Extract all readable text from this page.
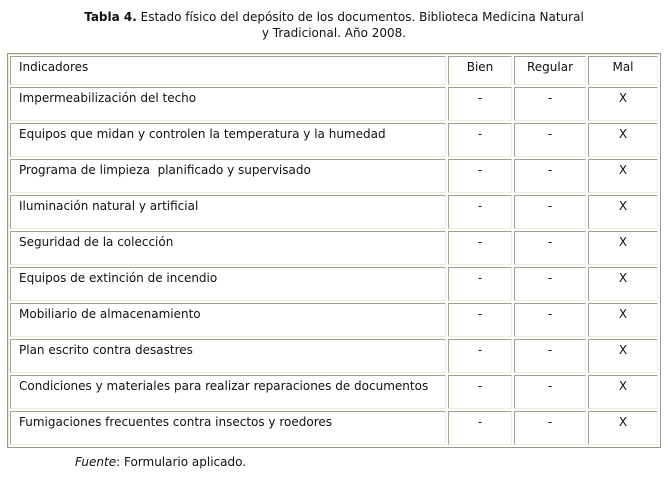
Tabla 4. Estado físico del depósito de los documentos. Biblioteca Medicina Natural
y Tradicional. Año 2008.
Indicadores	Bien	Regular	Mal
Impermeabilización del techo	-	-	X
Equipos que midan y controlen la temperatura y la humedad	-	-	X
Programa de limpieza  planificado y supervisado	-	-	X
Iluminación natural y artificial	-	-	X
Seguridad de la colección	-	-	X
Equipos de extinción de incendio	-	-	X
Mobiliario de almacenamiento	-	-	X
Plan escrito contra desastres	-	-	X
Condiciones y materiales para realizar reparaciones de documentos	-	-	X
Fumigaciones frecuentes contra insectos y roedores	-	-	X
Fuente: Formulario aplicado.
